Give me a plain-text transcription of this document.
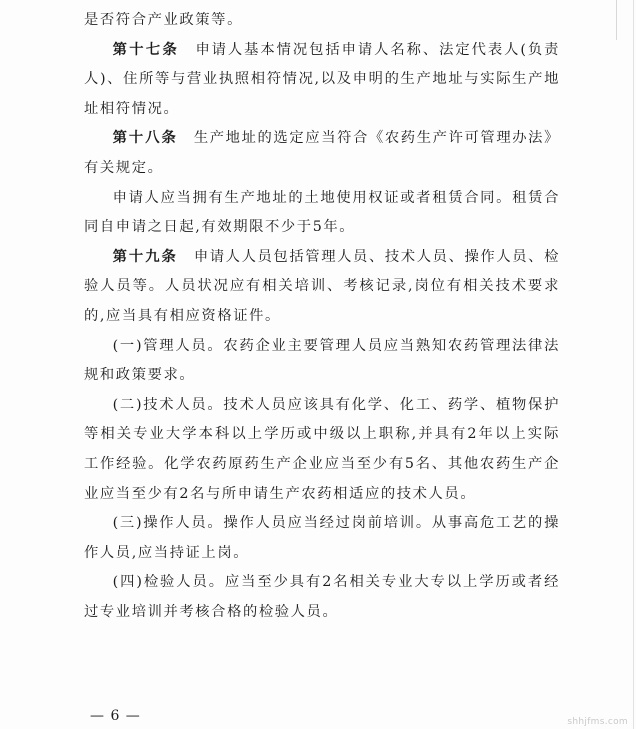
是否符合产业政策等。

第十七条  申请人基本情况包括申请人名称、法定代表人(负责人)、住所等与营业执照相符情况,以及申明的生产地址与实际生产地址相符情况。

第十八条  生产地址的选定应当符合《农药生产许可管理办法》有关规定。

申请人应当拥有生产地址的土地使用权证或者租赁合同。租赁合同自申请之日起,有效期限不少于5年。

第十九条  申请人人员包括管理人员、技术人员、操作人员、检验人员等。人员状况应有相关培训、考核记录,岗位有相关技术要求的,应当具有相应资格证件。

(一)管理人员。农药企业主要管理人员应当熟知农药管理法律法规和政策要求。

(二)技术人员。技术人员应该具有化学、化工、药学、植物保护等相关专业大学本科以上学历或中级以上职称,并具有2年以上实际工作经验。化学农药原药生产企业应当至少有5名、其他农药生产企业应当至少有2名与所申请生产农药相适应的技术人员。

(三)操作人员。操作人员应当经过岗前培训。从事高危工艺的操作人员,应当持证上岗。

(四)检验人员。应当至少具有2名相关专业大专以上学历或者经过专业培训并考核合格的检验人员。

— 6 —	shhjfms.com
